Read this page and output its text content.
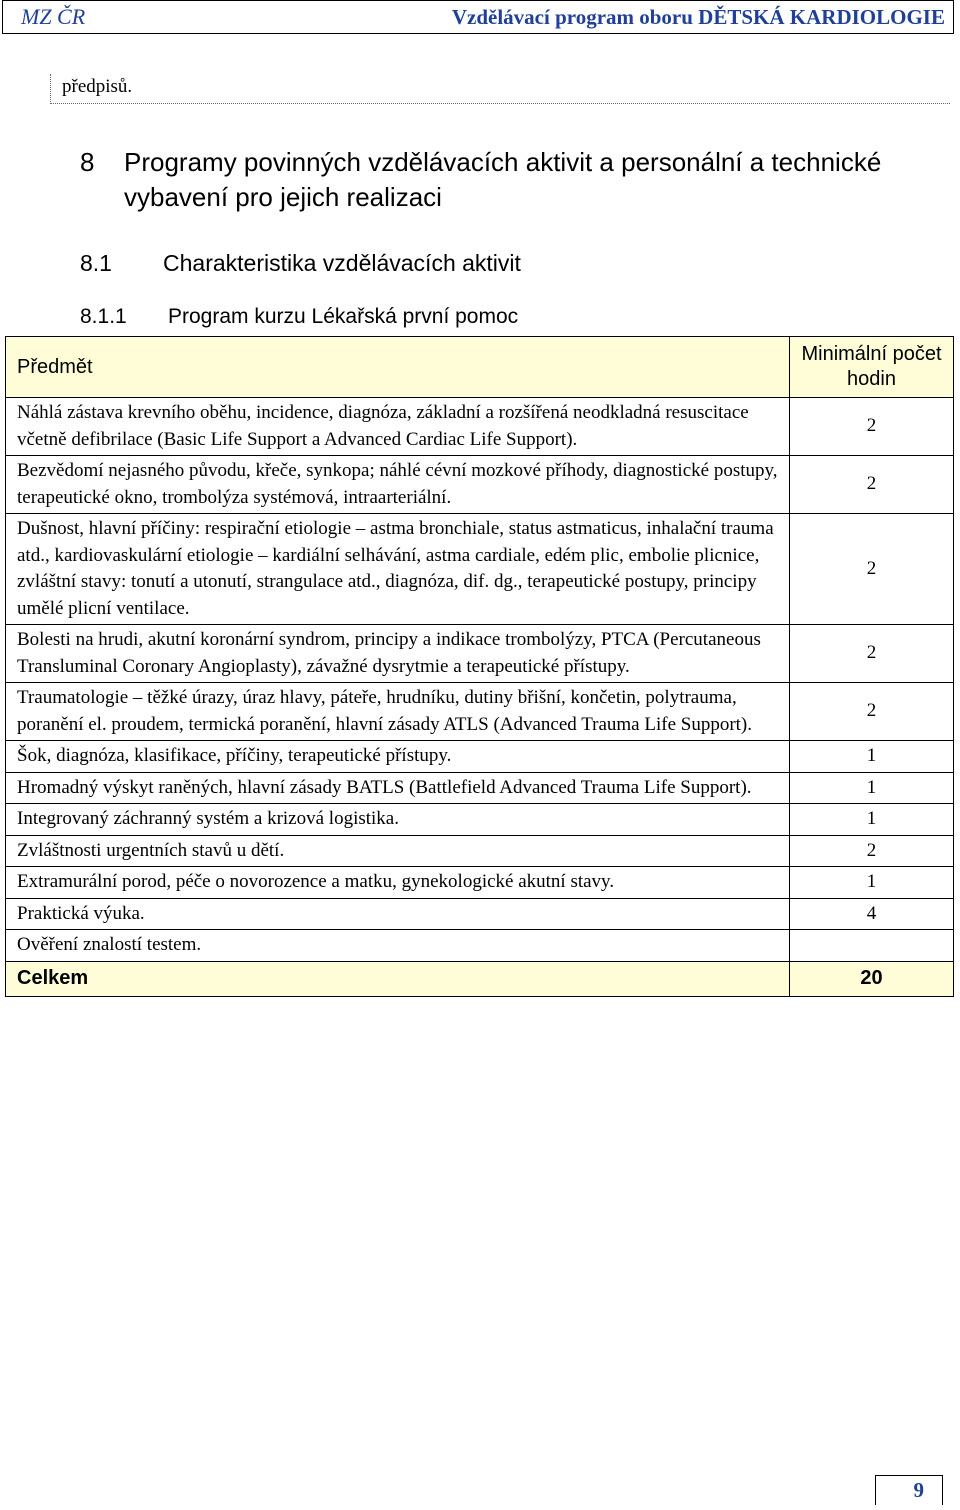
MZ ČR	Vzdělávací program oboru DĚTSKÁ KARDIOLOGIE
předpisů.
8	Programy povinných vzdělávacích aktivit a personální a technické vybavení pro jejich realizaci
8.1	Charakteristika vzdělávacích aktivit
8.1.1	Program kurzu Lékařská první pomoc
Předmět	Minimální počet hodin
Náhlá zástava krevního oběhu, incidence, diagnóza, základní a rozšířená neodkladná resuscitace včetně defibrilace (Basic Life Support a Advanced Cardiac Life Support).	2
Bezvědomí nejasného původu, křeče, synkopa; náhlé cévní mozkové příhody, diagnostické postupy, terapeutické okno, trombolýza systémová, intraarteriální.	2
Dušnost, hlavní příčiny: respirační etiologie – astma bronchiale, status astmaticus, inhalační trauma atd., kardiovaskulární etiologie – kardiální selhávání, astma cardiale, edém plic, embolie plicnice, zvláštní stavy: tonutí a utonutí, strangulace atd., diagnóza, dif. dg., terapeutické postupy, principy umělé plicní ventilace.	2
Bolesti na hrudi, akutní koronární syndrom, principy a indikace trombolýzy, PTCA (Percutaneous Transluminal Coronary Angioplasty), závažné dysrytmie a terapeutické přístupy.	2
Traumatologie – těžké úrazy, úraz hlavy, páteře, hrudníku, dutiny břišní, končetin, polytrauma, poranění el. proudem, termická poranění, hlavní zásady ATLS (Advanced Trauma Life Support).	2
Šok, diagnóza, klasifikace, příčiny, terapeutické přístupy.	1
Hromadný výskyt raněných, hlavní zásady BATLS (Battlefield Advanced Trauma Life Support).	1
Integrovaný záchranný systém a krizová logistika.	1
Zvláštnosti urgentních stavů u dětí.	2
Extramurální porod, péče o novorozence a matku, gynekologické akutní stavy.	1
Praktická výuka.	4
Ověření znalostí testem.	
Celkem	20
9
